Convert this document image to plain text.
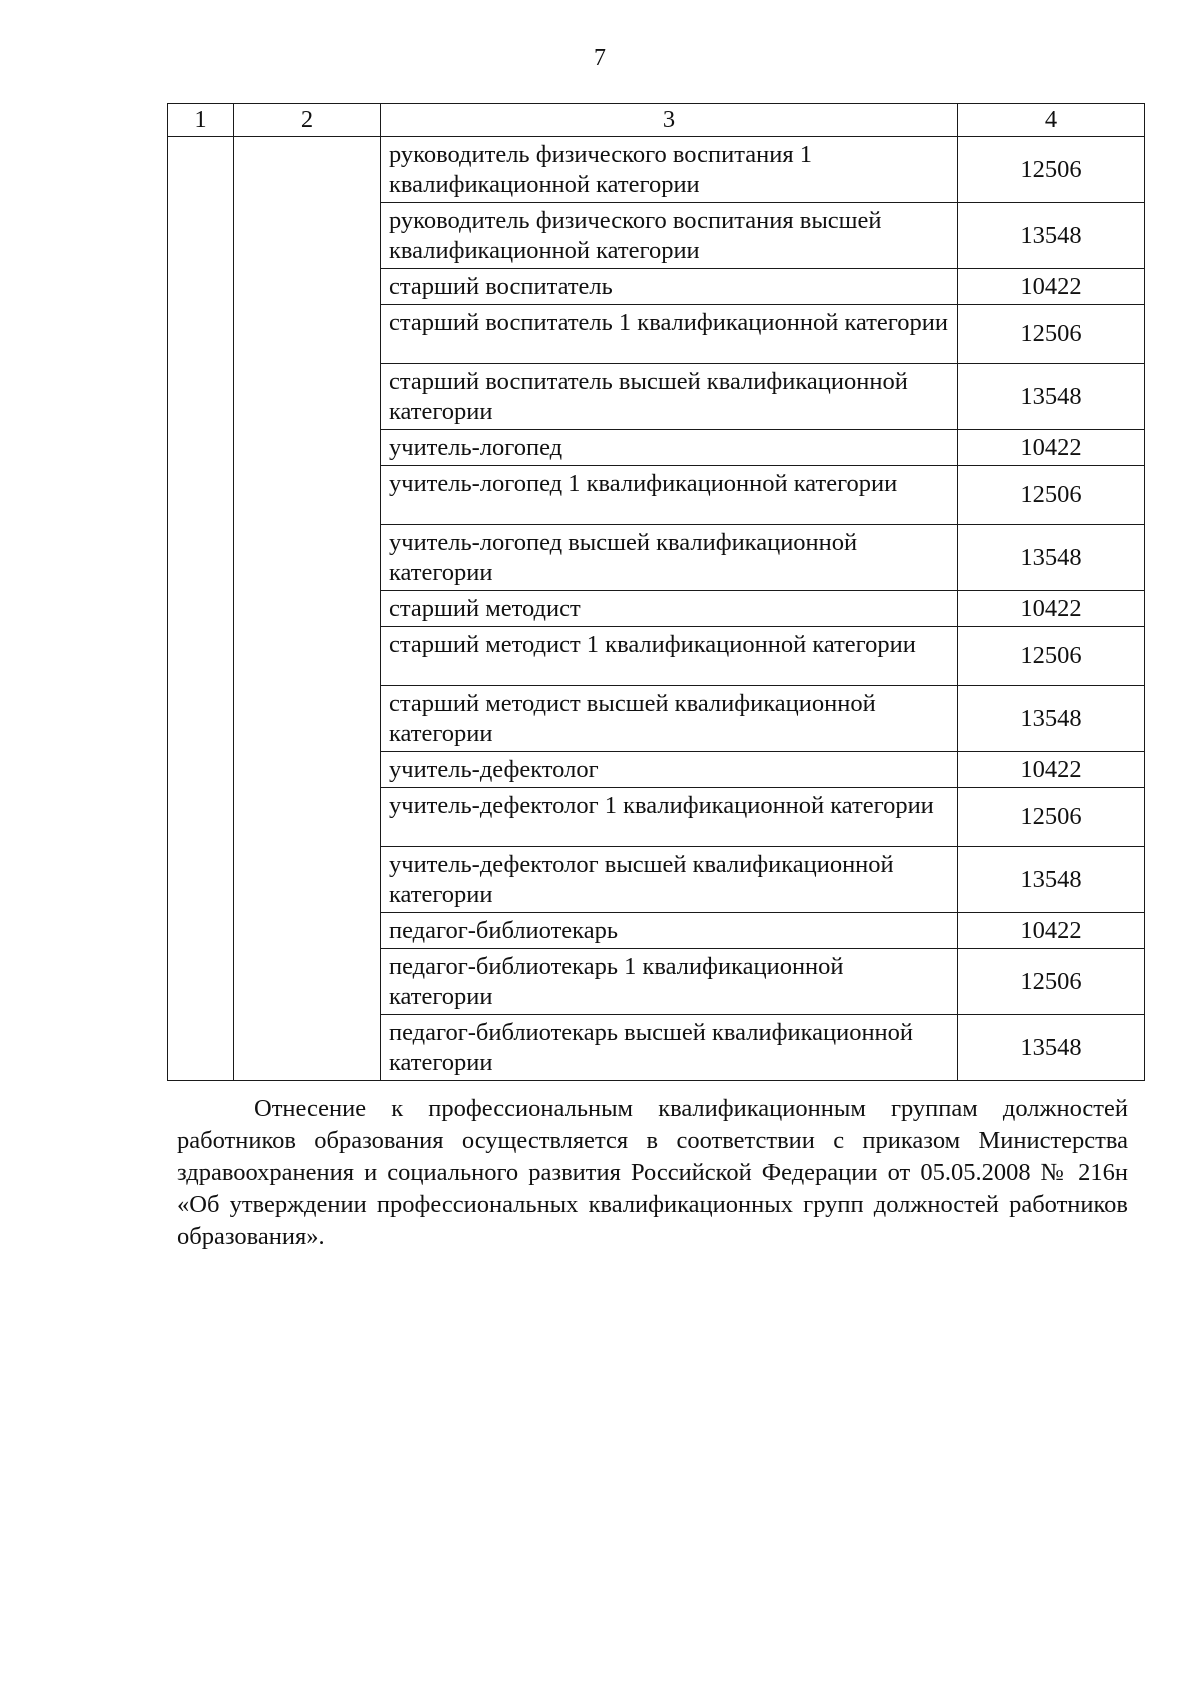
7
1	2	3	4
		руководитель физического воспитания 1 квалификационной категории	12506
		руководитель физического воспитания высшей квалификационной категории	13548
		старший воспитатель	10422
		старший воспитатель 1 квалификационной категории	12506
		старший воспитатель высшей квалификационной категории	13548
		учитель-логопед	10422
		учитель-логопед 1 квалификационной категории	12506
		учитель-логопед высшей квалификационной категории	13548
		старший методист	10422
		старший методист 1 квалификационной категории	12506
		старший методист высшей квалификационной категории	13548
		учитель-дефектолог	10422
		учитель-дефектолог 1 квалификационной категории	12506
		учитель-дефектолог высшей квалификационной категории	13548
		педагог-библиотекарь	10422
		педагог-библиотекарь 1 квалификационной категории	12506
		педагог-библиотекарь высшей квалификационной категории	13548

Отнесение к профессиональным квалификационным группам должностей работников образования осуществляется в соответствии с приказом Министерства здравоохранения и социального развития Российской Федерации от 05.05.2008 № 216н «Об утверждении профессиональных квалификационных групп должностей работников образования».
